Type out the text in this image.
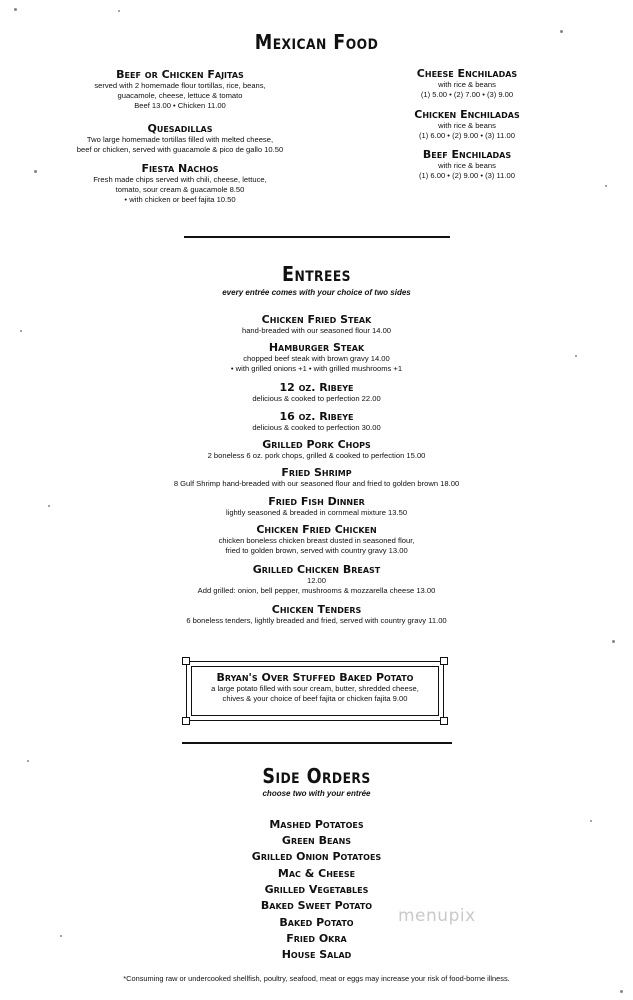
Mexican Food
Beef or Chicken Fajitas
served with 2 homemade flour tortillas, rice, beans,
guacamole, cheese, lettuce & tomato
Beef 13.00 • Chicken 11.00
Quesadillas
Two large homemade tortillas filled with melted cheese,
beef or chicken, served with guacamole & pico de gallo 10.50
Fiesta Nachos
Fresh made chips served with chili, cheese, lettuce,
tomato, sour cream & guacamole 8.50
• with chicken or beef fajita 10.50
Cheese Enchiladas
with rice & beans
(1) 5.00 • (2) 7.00 • (3) 9.00
Chicken Enchiladas
with rice & beans
(1) 6.00 • (2) 9.00 • (3) 11.00
Beef Enchiladas
with rice & beans
(1) 6.00 • (2) 9.00 • (3) 11.00
Entrees
every entrée comes with your choice of two sides
Chicken Fried Steak
hand-breaded with our seasoned flour 14.00
Hamburger Steak
chopped beef steak with brown gravy 14.00
• with grilled onions +1 • with grilled mushrooms +1
12 oz. Ribeye
delicious & cooked to perfection 22.00
16 oz. Ribeye
delicious & cooked to perfection 30.00
Grilled Pork Chops
2 boneless 6 oz. pork chops, grilled & cooked to perfection 15.00
Fried Shrimp
8 Gulf Shrimp hand-breaded with our seasoned flour and fried to golden brown 18.00
Fried Fish Dinner
lightly seasoned & breaded in cornmeal mixture 13.50
Chicken Fried Chicken
chicken boneless chicken breast dusted in seasoned flour,
fried to golden brown, served with country gravy 13.00
Grilled Chicken Breast
12.00
Add grilled: onion, bell pepper, mushrooms & mozzarella cheese 13.00
Chicken Tenders
6 boneless tenders, lightly breaded and fried, served with country gravy 11.00
Bryan's Over Stuffed Baked Potato
a large potato filled with sour cream, butter, shredded cheese,
chives & your choice of beef fajita or chicken fajita 9.00
Side Orders
choose two with your entrée
Mashed Potatoes
Green Beans
Grilled Onion Potatoes
Mac & Cheese
Grilled Vegetables
Baked Sweet Potato
Baked Potato
Fried Okra
House Salad
menupix
*Consuming raw or undercooked shellfish, poultry, seafood, meat or eggs may increase your risk of food-borne illness.
